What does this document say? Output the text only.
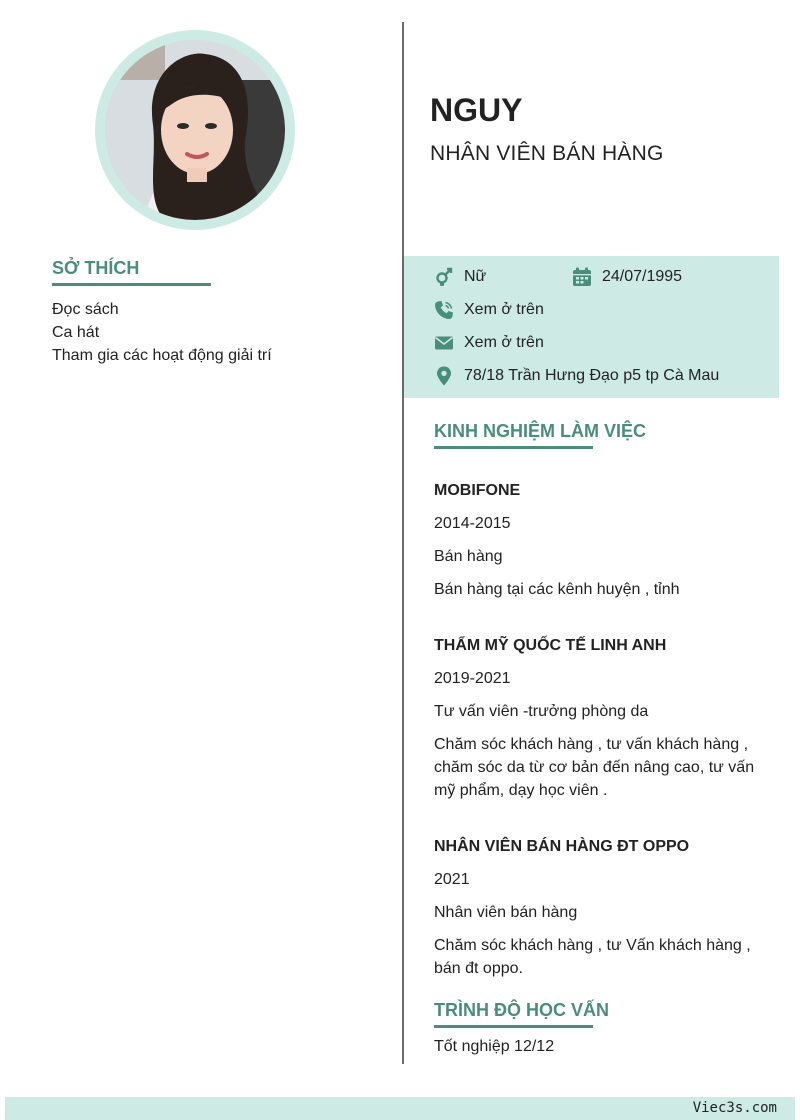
SỞ THÍCH
Đọc sách
Ca hát
Tham gia các hoạt động giải trí
NGUY
NHÂN VIÊN BÁN HÀNG
Nữ	24/07/1995
Xem ở trên
Xem ở trên
78/18 Trần Hưng Đạo p5 tp Cà Mau
KINH NGHIỆM LÀM VIỆC
MOBIFONE
2014-2015
Bán hàng
Bán hàng tại các kênh huyện , tỉnh
THẨM MỸ QUỐC TẾ LINH ANH
2019-2021
Tư vấn viên -trưởng phòng da
Chăm sóc khách hàng , tư vấn khách hàng , chăm sóc da từ cơ bản đến nâng cao, tư vấn mỹ phẩm, dạy học viên .
NHÂN VIÊN BÁN HÀNG ĐT OPPO
2021
Nhân viên bán hàng
Chăm sóc khách hàng , tư Vấn khách hàng , bán đt oppo.
TRÌNH ĐỘ HỌC VẤN
Tốt nghiệp 12/12
Viec3s.com
